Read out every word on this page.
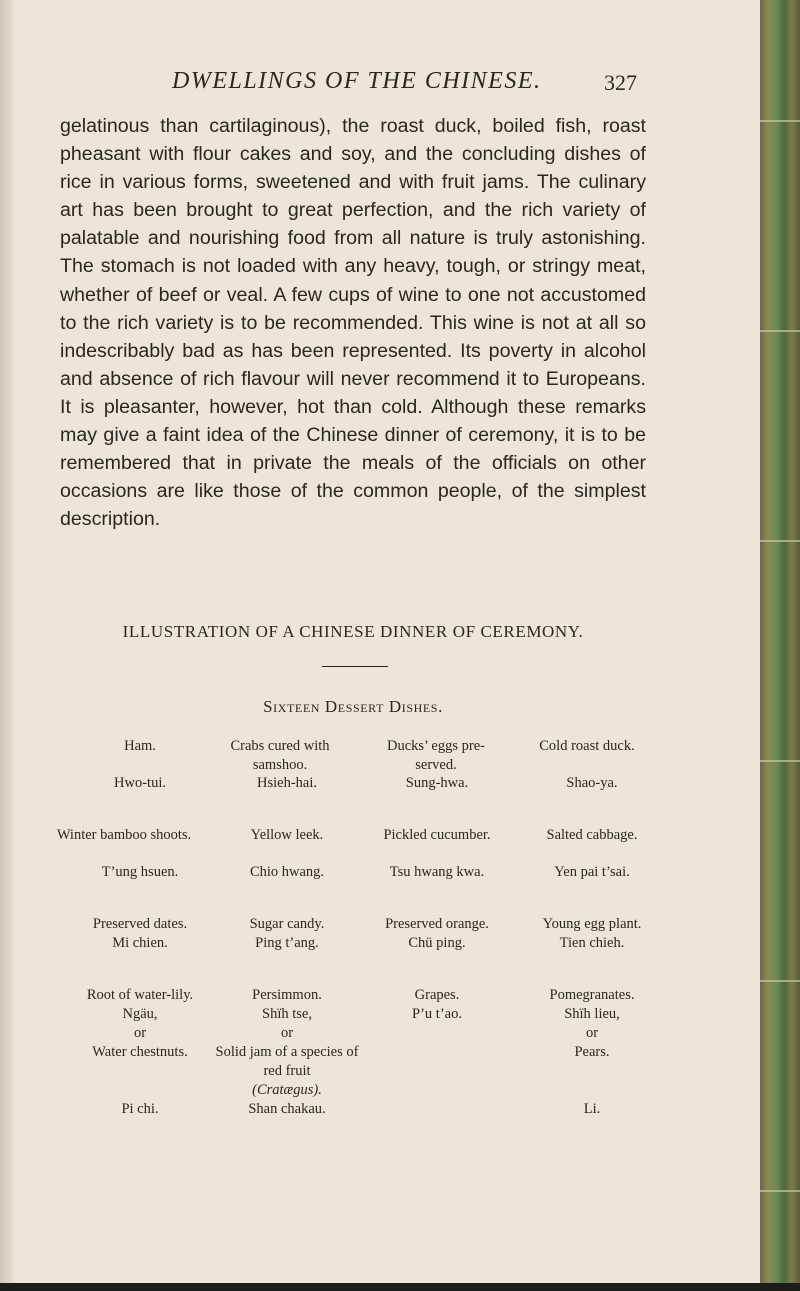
DWELLINGS OF THE CHINESE.	327

gelatinous than cartilaginous), the roast duck, boiled fish, roast pheasant with flour cakes and soy, and the concluding dishes of rice in various forms, sweetened and with fruit jams. The culinary art has been brought to great perfection, and the rich variety of palatable and nourishing food from all nature is truly astonishing. The stomach is not loaded with any heavy, tough, or stringy meat, whether of beef or veal. A few cups of wine to one not accustomed to the rich variety is to be recommended. This wine is not at all so indescribably bad as has been represented. Its poverty in alcohol and absence of rich flavour will never recommend it to Europeans. It is pleasanter, however, hot than cold. Although these remarks may give a faint idea of the Chinese dinner of ceremony, it is to be remembered that in private the meals of the officials on other occasions are like those of the common people, of the simplest description.

ILLUSTRATION OF A CHINESE DINNER OF CEREMONY.
Sixteen Dessert Dishes.
Ham.
Hwo-tui.
Winter bamboo shoots.
T’ung hsuen.
Preserved dates.
Mi chien.
Root of water-lily.
Ngäu,
or
Water chestnuts.
Pi chi.
Crabs cured with samshoo.
Hsieh-hai.
Yellow leek.
Chio hwang.
Sugar candy.
Ping t’ang.
Persimmon.
Shïh tse,
or
Solid jam of a species of red fruit
(Cratægus).
Shan chakau.
Ducks’ eggs pre- served.
Sung-hwa.
Pickled cucumber.
Tsu hwang kwa.
Preserved orange.
Chü ping.
Grapes.
P’u t’ao.
Cold roast duck.
Shao-ya.
Salted cabbage.
Yen pai t’sai.
Young egg plant.
Tien chieh.
Pomegranates.
Shïh lieu,
or
Pears.
Li.
